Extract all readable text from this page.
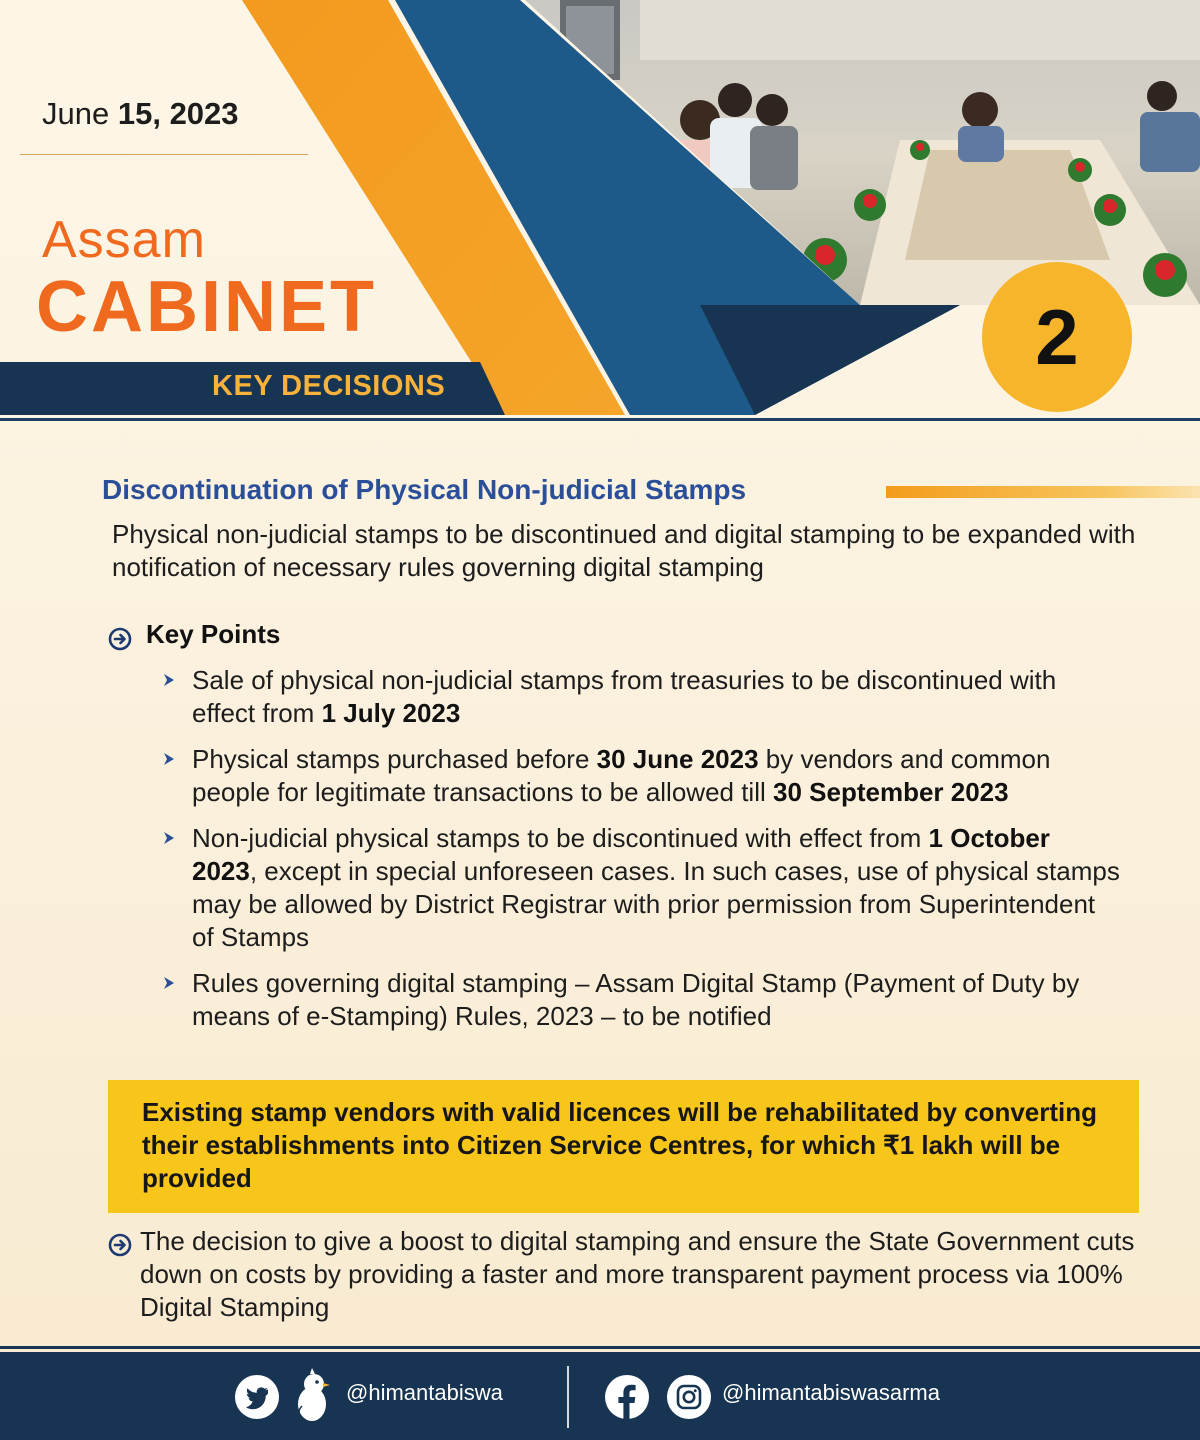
June 15, 2023
Assam
CABINET
KEY DECISIONS
2
Discontinuation of Physical Non-judicial Stamps
Physical non-judicial stamps to be discontinued and digital stamping to be expanded with notification of necessary rules governing digital stamping
Key Points
Sale of physical non-judicial stamps from treasuries to be discontinued with effect from 1 July 2023
Physical stamps purchased before 30 June 2023 by vendors and common people for legitimate transactions to be allowed till 30 September 2023
Non-judicial physical stamps to be discontinued with effect from 1 October 2023, except in special unforeseen cases. In such cases, use of physical stamps may be allowed by District Registrar with prior permission from Superintendent of Stamps
Rules governing digital stamping – Assam Digital Stamp (Payment of Duty by means of e-Stamping) Rules, 2023 – to be notified
Existing stamp vendors with valid licences will be rehabilitated by converting their establishments into Citizen Service Centres, for which ₹1 lakh will be provided
The decision to give a boost to digital stamping and ensure the State Government cuts down on costs by providing a faster and more transparent payment process via 100% Digital Stamping
@himantabiswa	@himantabiswasarma
